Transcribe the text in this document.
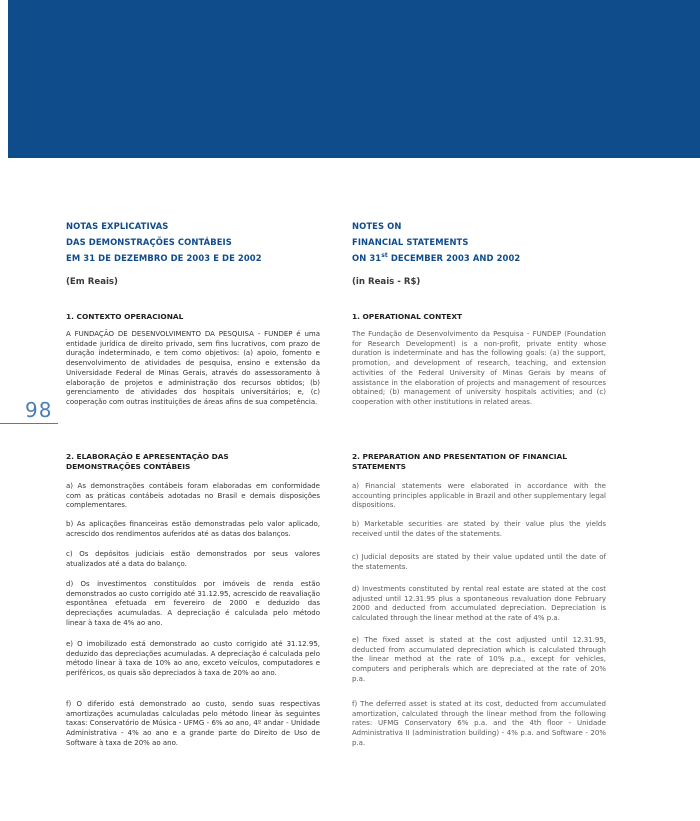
98
NOTAS EXPLICATIVAS
DAS DEMONSTRAÇÕES CONTÁBEIS
EM 31 DE DEZEMBRO DE 2003 E DE 2002
(Em Reais)
1. CONTEXTO OPERACIONAL
A FUNDAÇÃO DE DESENVOLVIMENTO DA PESQUISA - FUNDEP é uma entidade jurídica de direito privado, sem fins lucrativos, com prazo de duração indeterminado, e tem como objetivos: (a) apoio, fomento e desenvolvimento de atividades de pesquisa, ensino e extensão da Universidade Federal de Minas Gerais, através do assessoramento à elaboração de projetos e administração dos recursos obtidos; (b) gerenciamento de atividades dos hospitais universitários; e, (c) cooperação com outras instituições de áreas afins de sua competência.
2. ELABORAÇÃO E APRESENTAÇÃO DAS
DEMONSTRAÇÕES CONTÁBEIS
a) As demonstrações contábeis foram elaboradas em conformidade com as práticas contábeis adotadas no Brasil e demais disposições complementares.
b) As aplicações financeiras estão demonstradas pelo valor aplicado, acrescido dos rendimentos auferidos até as datas dos balanços.
c) Os depósitos judiciais estão demonstrados por seus valores atualizados até a data do balanço.
d) Os investimentos constituídos por imóveis de renda estão demonstrados ao custo corrigido até 31.12.95, acrescido de reavaliação espontânea efetuada em fevereiro de 2000 e deduzido das depreciações acumuladas. A depreciação é calculada pelo método linear à taxa de 4% ao ano.
e) O imobilizado está demonstrado ao custo corrigido até 31.12.95, deduzido das depreciações acumuladas. A depreciação é calculada pelo método linear à taxa de 10% ao ano, exceto veículos, computadores e periféricos, os quais são depreciados à taxa de 20% ao ano.
f) O diferido está demonstrado ao custo, sendo suas respectivas amortizações acumuladas calculadas pelo método linear às seguintes taxas: Conservatório de Música - UFMG - 6% ao ano, 4º andar - Unidade Administrativa - 4% ao ano e a grande parte do Direito de Uso de Software à taxa de 20% ao ano.
NOTES ON
FINANCIAL STATEMENTS
ON 31st DECEMBER 2003 AND 2002
(in Reais - R$)
1. OPERATIONAL CONTEXT
The Fundação de Desenvolvimento da Pesquisa - FUNDEP (Foundation for Research Development) is a non-profit, private entity whose duration is indeterminate and has the following goals: (a) the support, promotion, and development of research, teaching, and extension activities of the Federal University of Minas Gerais by means of assistance in the elaboration of projects and management of resources obtained; (b) management of university hospitals activities; and (c) cooperation with other institutions in related areas.
2. PREPARATION AND PRESENTATION OF FINANCIAL
STATEMENTS
a) Financial statements were elaborated in accordance with the accounting principles applicable in Brazil and other supplementary legal dispositions.
b) Marketable securities are stated by their value plus the yields received until the dates of the statements.
c) Judicial deposits are stated by their value updated until the date of the statements.
d) Investments constituted by rental real estate are stated at the cost adjusted until 12.31.95 plus a spontaneous revaluation done February 2000 and deducted from accumulated depreciation. Depreciation is calculated through the linear method at the rate of 4% p.a.
e) The fixed asset is stated at the cost adjusted until 12.31.95, deducted from accumulated depreciation which is calculated through the linear method at the rate of 10% p.a., except for vehicles, computers and peripherals which are depreciated at the rate of 20% p.a.
f) The deferred asset is stated at its cost, deducted from accumulated amortization, calculated through the linear method from the following rates: UFMG Conservatory 6% p.a. and the 4th floor - Unidade Administrativa II (administration building) - 4% p.a. and Software - 20% p.a.
